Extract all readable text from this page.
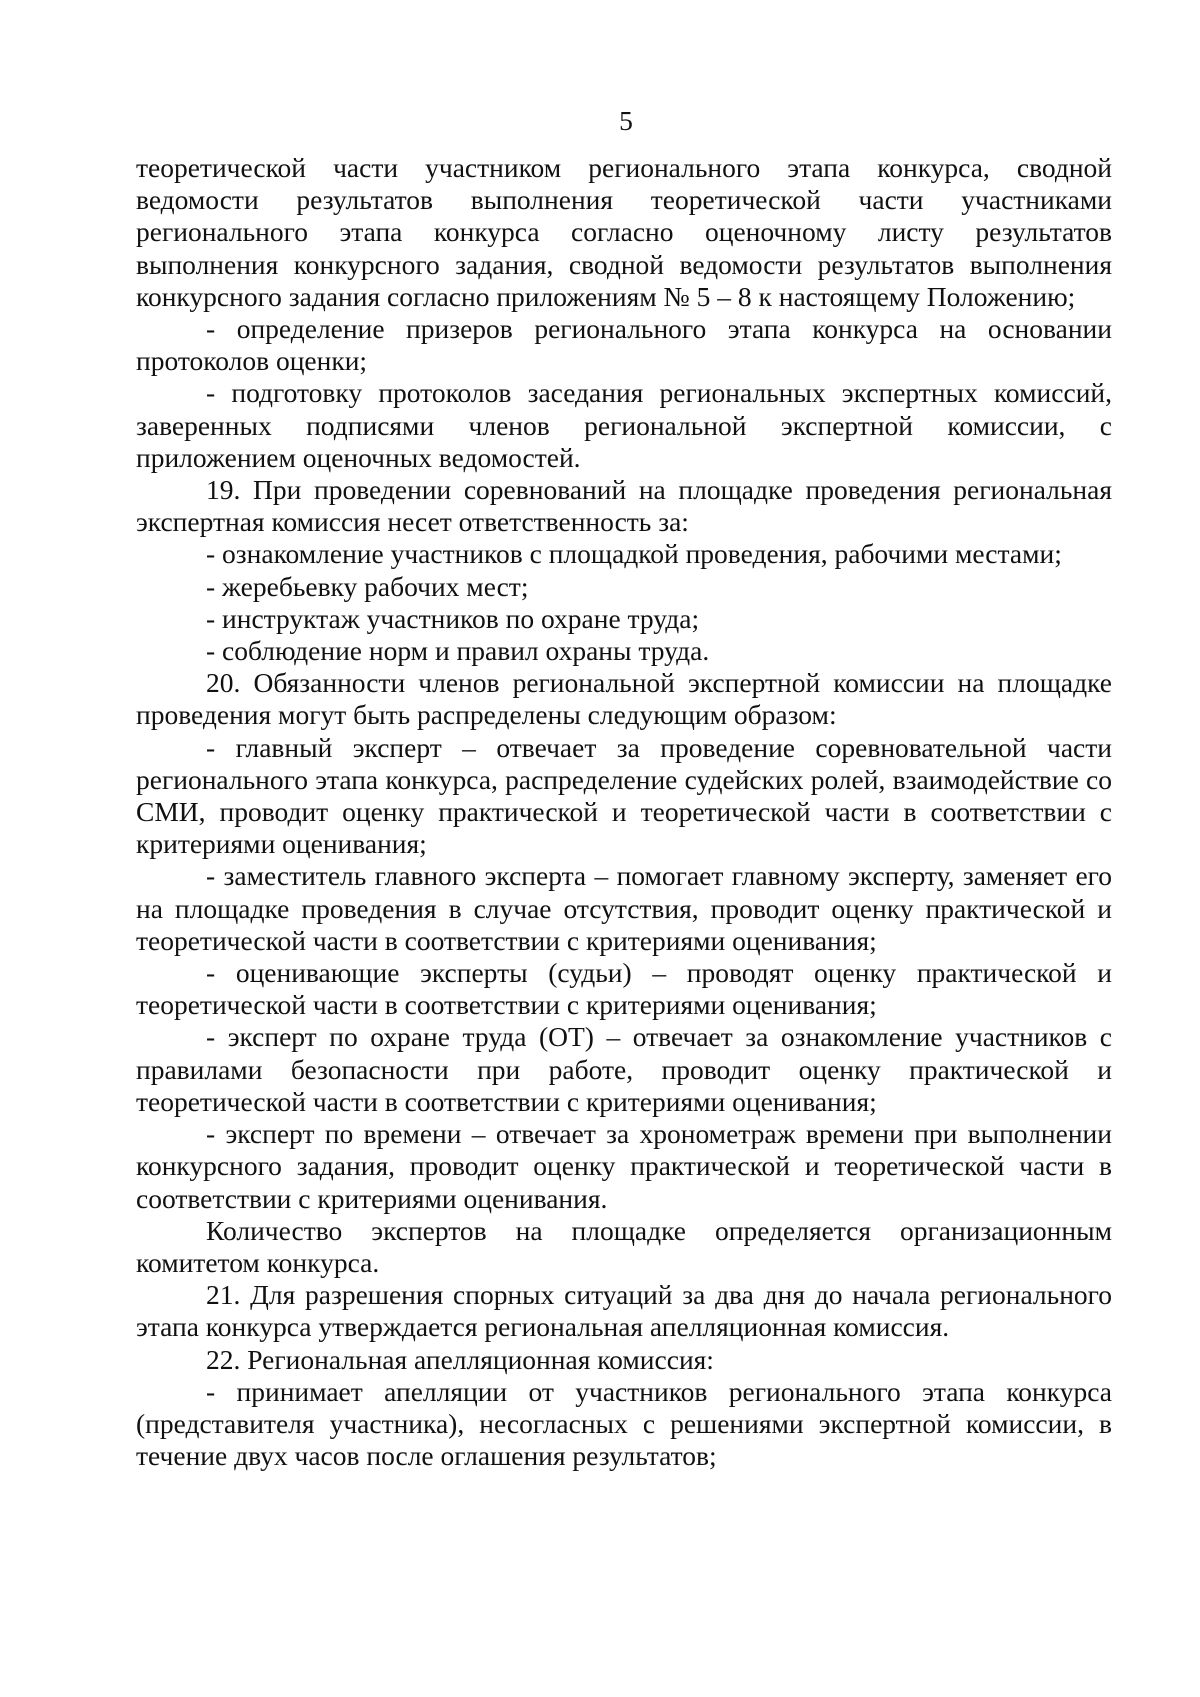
5

теоретической части участником регионального этапа конкурса, сводной ведомости результатов выполнения теоретической части участниками регионального этапа конкурса согласно оценочному листу результатов выполнения конкурсного задания, сводной ведомости результатов выполнения конкурсного задания согласно приложениям № 5 – 8 к настоящему Положению;

- определение призеров регионального этапа конкурса на основании протоколов оценки;

- подготовку протоколов заседания региональных экспертных комиссий, заверенных подписями членов региональной экспертной комиссии, с приложением оценочных ведомостей.

19. При проведении соревнований на площадке проведения региональная экспертная комиссия несет ответственность за:

- ознакомление участников с площадкой проведения, рабочими местами;

- жеребьевку рабочих мест;

- инструктаж участников по охране труда;

- соблюдение норм и правил охраны труда.

20. Обязанности членов региональной экспертной комиссии на площадке проведения могут быть распределены следующим образом:

- главный эксперт – отвечает за проведение соревновательной части регионального этапа конкурса, распределение судейских ролей, взаимодействие со СМИ, проводит оценку практической и теоретической части в соответствии с критериями оценивания;

- заместитель главного эксперта – помогает главному эксперту, заменяет его на площадке проведения в случае отсутствия, проводит оценку практической и теоретической части в соответствии с критериями оценивания;

- оценивающие эксперты (судьи) – проводят оценку практической и теоретической части в соответствии с критериями оценивания;

- эксперт по охране труда (ОТ) – отвечает за ознакомление участников с правилами безопасности при работе, проводит оценку практической и теоретической части в соответствии с критериями оценивания;

- эксперт по времени – отвечает за хронометраж времени при выполнении конкурсного задания, проводит оценку практической и теоретической части в соответствии с критериями оценивания.

Количество экспертов на площадке определяется организационным комитетом конкурса.

21. Для разрешения спорных ситуаций за два дня до начала регионального этапа конкурса утверждается региональная апелляционная комиссия.

22. Региональная апелляционная комиссия:

- принимает апелляции от участников регионального этапа конкурса (представителя участника), несогласных с решениями экспертной комиссии, в течение двух часов после оглашения результатов;
